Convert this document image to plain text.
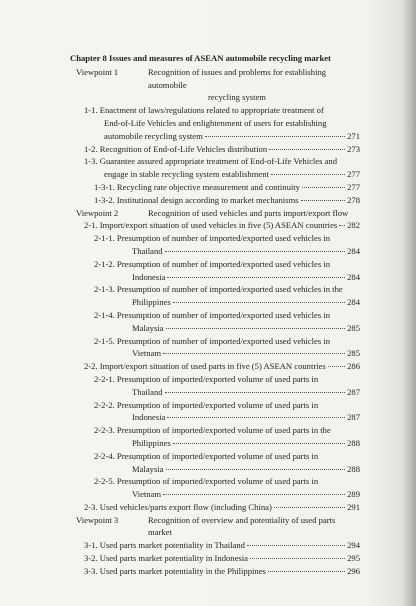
Chapter 8 Issues and measures of ASEAN automobile recycling market
Viewpoint 1	Recognition of issues and problems for establishing automobile
recycling system
1-1. Enactment of laws/regulations related to appropriate treatment of
End-of-Life Vehicles and enlightenment of users for establishing
automobile recycling system	271
1-2. Recognition of End-of-Life Vehicles distribution	273
1-3. Guarantee assured appropriate treatment of End-of-Life Vehicles and
engage in stable recycling system establishment	277
1-3-1. Recycling rate objective measurement and continuity	277
1-3-2. Institutional design according to market mechanisms	278
Viewpoint 2	Recognition of used vehicles and parts import/export flow
2-1. Import/export situation of used vehicles in five (5) ASEAN countries 282
2-1-1. Presumption of number of imported/exported used vehicles in
Thailand	284
2-1-2. Presumption of number of imported/exported used vehicles in
Indonesia	284
2-1-3. Presumption of number of imported/exported used vehicles in the
Philippines	284
2-1-4. Presumption of number of imported/exported used vehicles in
Malaysia	285
2-1-5. Presumption of number of imported/exported used vehicles in
Vietnam	285
2-2. Import/export situation of used parts in five (5) ASEAN countries 286
2-2-1. Presumption of imported/exported volume of used parts in
Thailand	287
2-2-2. Presumption of imported/exported volume of used parts in
Indonesia	287
2-2-3. Presumption of imported/exported volume of used parts in the
Philippines	288
2-2-4. Presumption of imported/exported volume of used parts in
Malaysia	288
2-2-5. Presumption of imported/exported volume of used parts in
Vietnam	289
2-3. Used vehicles/parts export flow (including China)	291
Viewpoint 3	Recognition of overview and potentiality of used parts market
3-1. Used parts market potentiality in Thailand	294
3-2. Used parts market potentiality in Indonesia	295
3-3. Used parts market potentiality in the Philippines	296
